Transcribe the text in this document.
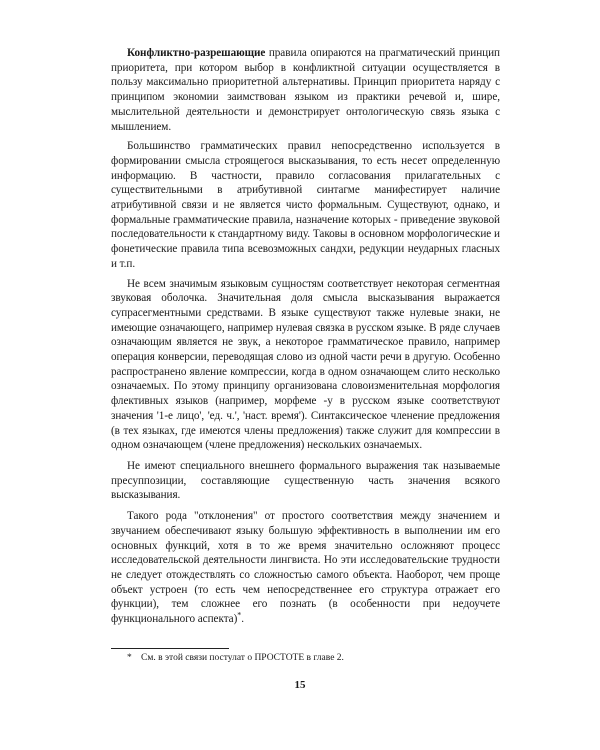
Конфликтно-разрешающие правила опираются на прагматический принцип приоритета, при котором выбор в конфликтной ситуации осуществляется в пользу максимально приоритетной альтернативы. Принцип приоритета наряду с принципом экономии заимствован языком из практики речевой и, шире, мыслительной деятельности и демонстрирует онтологическую связь языка с мышлением.

Большинство грамматических правил непосредственно используется в формировании смысла строящегося высказывания, то есть несет определенную информацию. В частности, правило согласования прилагательных с существительными в атрибутивной синтагме манифестирует наличие атрибутивной связи и не является чисто формальным. Существуют, однако, и формальные грамматические правила, назначение которых - приведение звуковой последовательности к стандартному виду. Таковы в основном морфологические и фонетические правила типа всевозможных сандхи, редукции неударных гласных и т.п.

Не всем значимым языковым сущностям соответствует некоторая сегментная звуковая оболочка. Значительная доля смысла высказывания выражается супрасегментными средствами. В языке существуют также нулевые знаки, не имеющие означающего, например нулевая связка в русском языке. В ряде случаев означающим является не звук, а некоторое грамматическое правило, например операция конверсии, переводящая слово из одной части речи в другую. Особенно распространено явление компрессии, когда в одном означающем слито несколько означаемых. По этому принципу организована словоизменительная морфология флективных языков (например, морфеме -у в русском языке соответствуют значения '1-е лицо', 'ед. ч.', 'наст. время'). Синтаксическое членение предложения (в тех языках, где имеются члены предложения) также служит для компрессии в одном означающем (члене предложения) нескольких означаемых.

Не имеют специального внешнего формального выражения так называемые пресуппозиции, составляющие существенную часть значения всякого высказывания.

Такого рода "отклонения" от простого соответствия между значением и звучанием обеспечивают языку большую эффективность в выполнении им его основных функций, хотя в то же время значительно осложняют процесс исследовательской деятельности лингвиста. Но эти исследовательские трудности не следует отождествлять со сложностью самого объекта. Наоборот, чем проще объект устроен (то есть чем непосредственнее его структура отражает его функции), тем сложнее его познать (в особенности при недоучете функционального аспекта)*.

* См. в этой связи постулат о ПРОСТОТЕ в главе 2.
15
